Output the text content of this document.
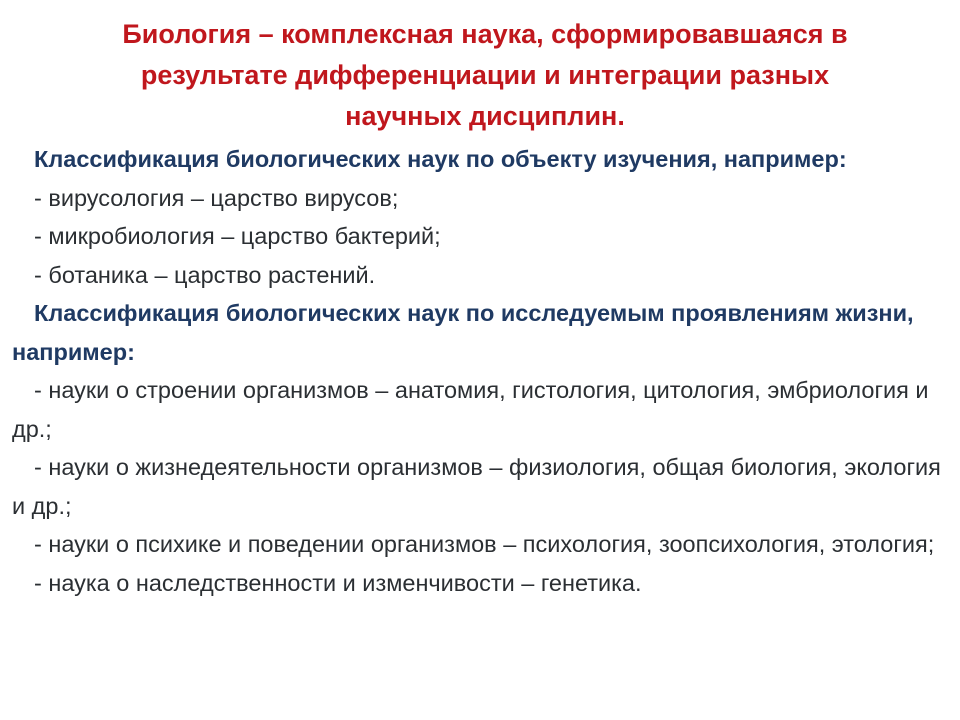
Биология – комплексная наука, сформировавшаяся в
результате дифференциации и интеграции разных
научных дисциплин.

Классификация биологических наук по объекту изучения, например:

- вирусология – царство вирусов;

- микробиология – царство бактерий;

- ботаника – царство растений.

Классификация биологических наук по исследуемым проявлениям жизни, например:

- науки о строении организмов – анатомия, гистология, цитология, эмбриология и др.;

- науки о жизнедеятельности организмов – физиология, общая биология, экология и др.;

- науки о психике и поведении организмов – психология, зоопсихология, этология;

- наука о наследственности и изменчивости – генетика.
